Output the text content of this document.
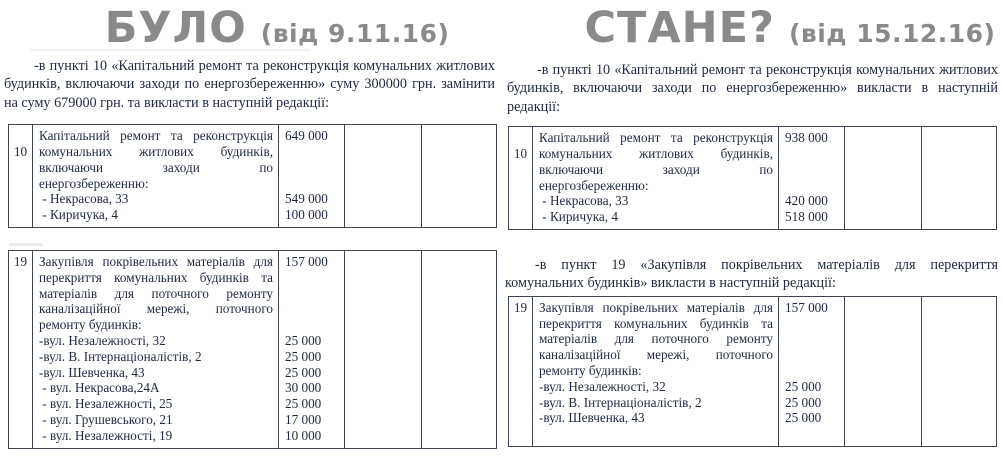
БУЛО (від 9.11.16)
-в пункті 10 «Капітальний ремонт та реконструкція комунальних житлових
будинків, включаючи заходи по енергозбереженню» суму 300000 грн. замінити
на суму 679000 грн. та викласти в наступній редакції:
10
Капітальний ремонт та реконструкція
комунальних житлових будинків,
включаючи заходи по
енергозбереженню:
- Некрасова, 33
- Киричука, 4
649 000

549 000
100 000
19 Закупівля покрівельних матеріалів для
перекриття комунальних будинків та
матеріалів для поточного ремонту
каналізаційної мережі, поточного
ремонту будинків:
-вул. Незалежності, 32
-вул. В. Інтернаціоналістів, 2
-вул. Шевченка, 43
- вул. Некрасова,24А
- вул. Незалежності, 25
- вул. Грушевського, 21
- вул. Незалежності, 19
157 000

25 000
25 000
25 000
30 000
25 000
17 000
10 000
СТАНЕ? (від 15.12.16)
-в пункті 10 «Капітальний ремонт та реконструкція комунальних житлових
будинків, включаючи заходи по енергозбереженню» викласти в наступній
редакції:
10
Капітальний ремонт та реконструкція
комунальних житлових будинків,
включаючи заходи по
енергозбереженню:
- Некрасова, 33
- Киричука, 4
938 000

420 000
518 000
-в пункт 19 «Закупівля покрівельних матеріалів для перекриття
комунальних будинків» викласти в наступній редакції:
19 Закупівля покрівельних матеріалів для
перекриття комунальних будинків та
матеріалів для поточного ремонту
каналізаційної мережі, поточного
ремонту будинків:
-вул. Незалежності, 32
-вул. В. Інтернаціоналістів, 2
-вул. Шевченка, 43

157 000

25 000
25 000
25 000
